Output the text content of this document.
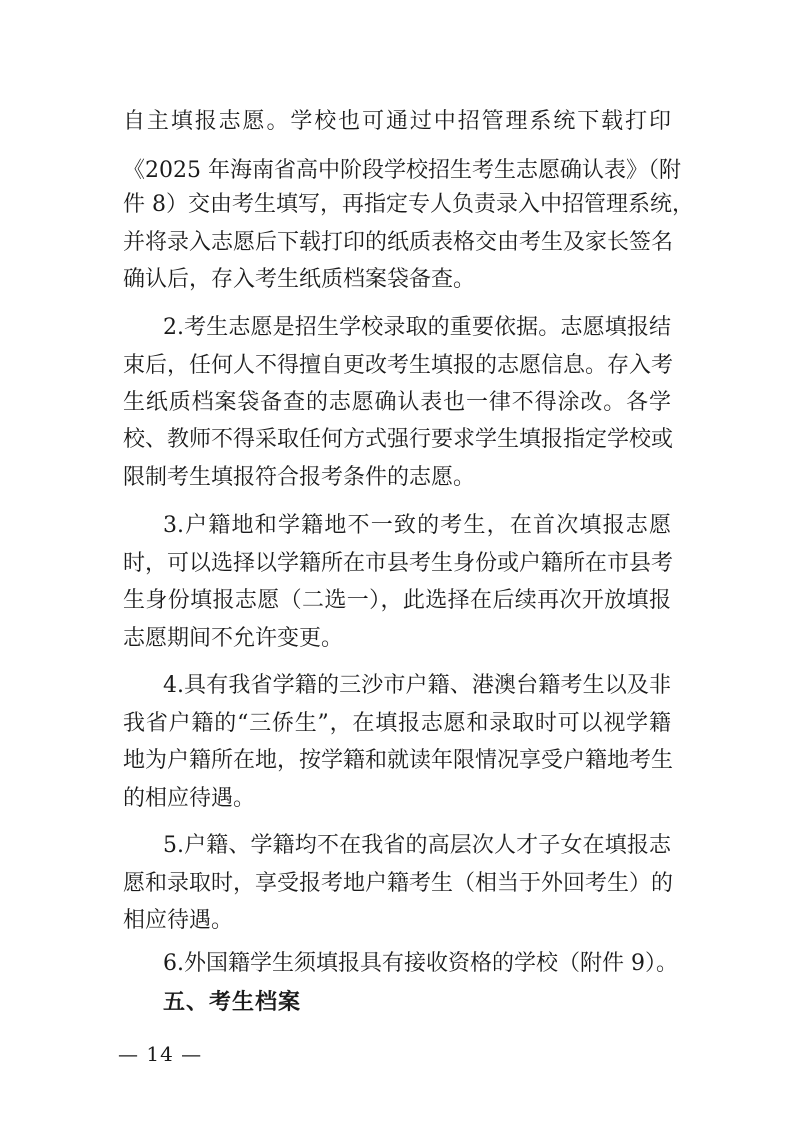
自主填报志愿。学校也可通过中招管理系统下载打印
《2025 年海南省高中阶段学校招生考生志愿确认表》（附
件 8）交由考生填写，再指定专人负责录入中招管理系统，
并将录入志愿后下载打印的纸质表格交由考生及家长签名
确认后，存入考生纸质档案袋备查。
2.考生志愿是招生学校录取的重要依据。志愿填报结
束后，任何人不得擅自更改考生填报的志愿信息。存入考
生纸质档案袋备查的志愿确认表也一律不得涂改。各学
校、教师不得采取任何方式强行要求学生填报指定学校或
限制考生填报符合报考条件的志愿。
3.户籍地和学籍地不一致的考生，在首次填报志愿
时，可以选择以学籍所在市县考生身份或户籍所在市县考
生身份填报志愿（二选一），此选择在后续再次开放填报
志愿期间不允许变更。
4.具有我省学籍的三沙市户籍、港澳台籍考生以及非
我省户籍的“三侨生”，在填报志愿和录取时可以视学籍
地为户籍所在地，按学籍和就读年限情况享受户籍地考生
的相应待遇。
5.户籍、学籍均不在我省的高层次人才子女在填报志
愿和录取时，享受报考地户籍考生（相当于外回考生）的
相应待遇。
6.外国籍学生须填报具有接收资格的学校（附件 9）。
五、考生档案
— 14 —
